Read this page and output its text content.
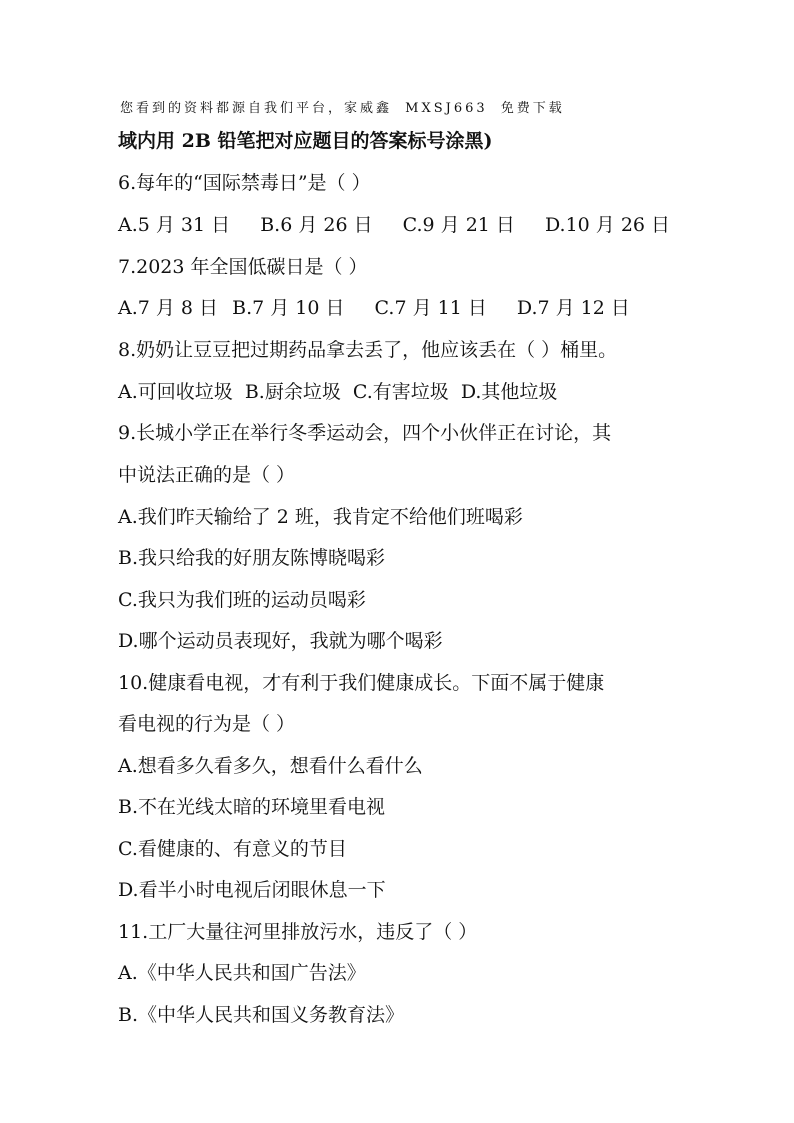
您看到的资料都源自我们平台，家威鑫 MXSJ663 免费下载
域内用 2B 铅笔把对应题目的答案标号涂黑)
6.每年的“国际禁毒日”是（ ）
A.5 月 31 日 B.6 月 26 日 C.9 月 21 日 D.10 月 26 日
7.2023 年全国低碳日是（ ）
A.7 月 8 日 B.7 月 10 日 C.7 月 11 日 D.7 月 12 日
8.奶奶让豆豆把过期药品拿去丢了，他应该丢在（ ）桶里。
A.可回收垃圾 B.厨余垃圾 C.有害垃圾 D.其他垃圾
9.长城小学正在举行冬季运动会，四个小伙伴正在讨论，其
中说法正确的是（ ）
A.我们昨天输给了 2 班，我肯定不给他们班喝彩
B.我只给我的好朋友陈博晓喝彩
C.我只为我们班的运动员喝彩
D.哪个运动员表现好，我就为哪个喝彩
10.健康看电视，才有利于我们健康成长。下面不属于健康
看电视的行为是（ ）
A.想看多久看多久，想看什么看什么
B.不在光线太暗的环境里看电视
C.看健康的、有意义的节目
D.看半小时电视后闭眼休息一下
11.工厂大量往河里排放污水，违反了（ ）
A.《中华人民共和国广告法》
B.《中华人民共和国义务教育法》
